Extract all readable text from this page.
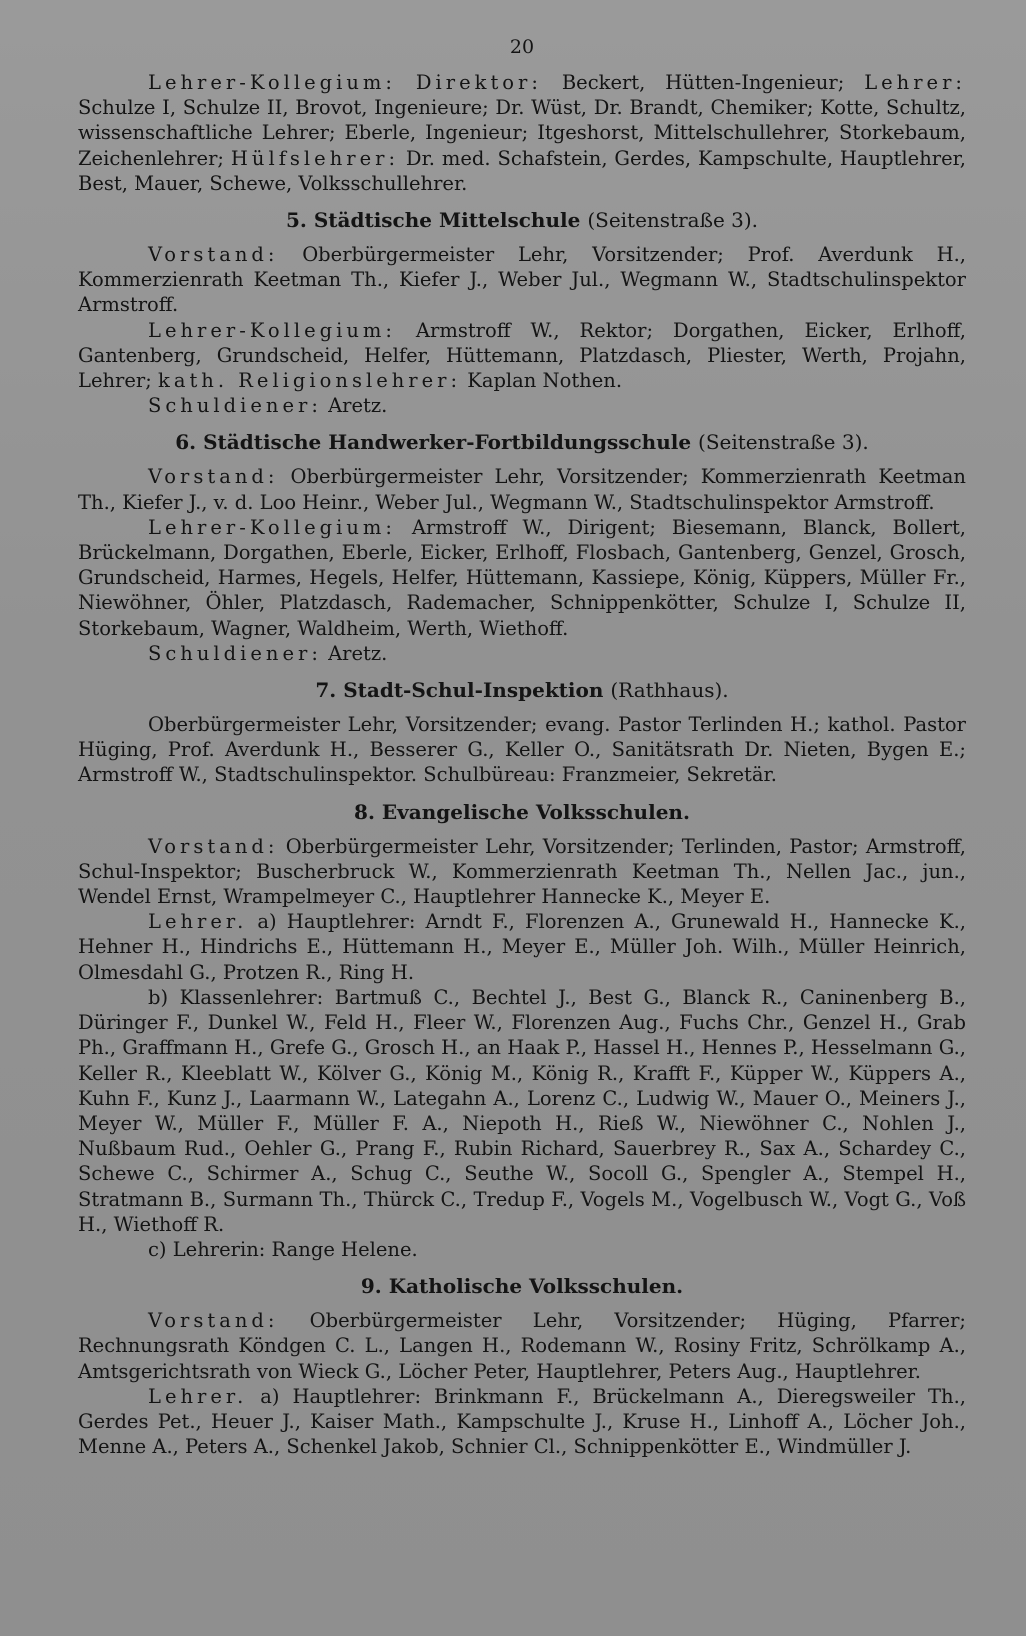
20

Lehrer-Kollegium: Direktor: Beckert, Hütten-Ingenieur; Lehrer: Schulze I, Schulze II, Brovot, Ingenieure; Dr. Wüst, Dr. Brandt, Chemiker; Kotte, Schultz, wissenschaftliche Lehrer; Eberle, Ingenieur; Itgeshorst, Mittelschullehrer, Storkebaum, Zeichenlehrer; Hülfslehrer: Dr. med. Schafstein, Gerdes, Kampschulte, Hauptlehrer, Best, Mauer, Schewe, Volksschullehrer.

5. Städtische Mittelschule (Seitenstraße 3).

Vorstand: Oberbürgermeister Lehr, Vorsitzender; Prof. Averdunk H., Kommerzienrath Keetman Th., Kiefer J., Weber Jul., Wegmann W., Stadtschulinspektor Armstroff.

Lehrer-Kollegium: Armstroff W., Rektor; Dorgathen, Eicker, Erlhoff, Gantenberg, Grundscheid, Helfer, Hüttemann, Platzdasch, Pliester, Werth, Projahn, Lehrer; kath. Religionslehrer: Kaplan Nothen.

Schuldiener: Aretz.

6. Städtische Handwerker-Fortbildungsschule (Seitenstraße 3).

Vorstand: Oberbürgermeister Lehr, Vorsitzender; Kommerzienrath Keetman Th., Kiefer J., v. d. Loo Heinr., Weber Jul., Wegmann W., Stadtschulinspektor Armstroff.

Lehrer-Kollegium: Armstroff W., Dirigent; Biesemann, Blanck, Bollert, Brückelmann, Dorgathen, Eberle, Eicker, Erlhoff, Flosbach, Gantenberg, Genzel, Grosch, Grundscheid, Harmes, Hegels, Helfer, Hüttemann, Kassiepe, König, Küppers, Müller Fr., Niewöhner, Öhler, Platzdasch, Rademacher, Schnippenkötter, Schulze I, Schulze II, Storkebaum, Wagner, Waldheim, Werth, Wiethoff.

Schuldiener: Aretz.

7. Stadt-Schul-Inspektion (Rathhaus).

Oberbürgermeister Lehr, Vorsitzender; evang. Pastor Terlinden H.; kathol. Pastor Hüging, Prof. Averdunk H., Besserer G., Keller O., Sanitätsrath Dr. Nieten, Bygen E.; Armstroff W., Stadtschulinspektor. Schulbüreau: Franzmeier, Sekretär.

8. Evangelische Volksschulen.

Vorstand: Oberbürgermeister Lehr, Vorsitzender; Terlinden, Pastor; Armstroff, Schul-Inspektor; Buscherbruck W., Kommerzienrath Keetman Th., Nellen Jac., jun., Wendel Ernst, Wrampelmeyer C., Hauptlehrer Hannecke K., Meyer E.

Lehrer. a) Hauptlehrer: Arndt F., Florenzen A., Grunewald H., Hannecke K., Hehner H., Hindrichs E., Hüttemann H., Meyer E., Müller Joh. Wilh., Müller Heinrich, Olmesdahl G., Protzen R., Ring H.

b) Klassenlehrer: Bartmuß C., Bechtel J., Best G., Blanck R., Caninenberg B., Düringer F., Dunkel W., Feld H., Fleer W., Florenzen Aug., Fuchs Chr., Genzel H., Grab Ph., Graffmann H., Grefe G., Grosch H., an Haak P., Hassel H., Hennes P., Hesselmann G., Keller R., Kleeblatt W., Kölver G., König M., König R., Krafft F., Küpper W., Küppers A., Kuhn F., Kunz J., Laarmann W., Lategahn A., Lorenz C., Ludwig W., Mauer O., Meiners J., Meyer W., Müller F., Müller F. A., Niepoth H., Rieß W., Niewöhner C., Nohlen J., Nußbaum Rud., Oehler G., Prang F., Rubin Richard, Sauerbrey R., Sax A., Schardey C., Schewe C., Schirmer A., Schug C., Seuthe W., Socoll G., Spengler A., Stempel H., Stratmann B., Surmann Th., Thürck C., Tredup F., Vogels M., Vogelbusch W., Vogt G., Voß H., Wiethoff R.

c) Lehrerin: Range Helene.

9. Katholische Volksschulen.

Vorstand: Oberbürgermeister Lehr, Vorsitzender; Hüging, Pfarrer; Rechnungsrath Köndgen C. L., Langen H., Rodemann W., Rosiny Fritz, Schrölkamp A., Amtsgerichtsrath von Wieck G., Löcher Peter, Hauptlehrer, Peters Aug., Hauptlehrer.

Lehrer. a) Hauptlehrer: Brinkmann F., Brückelmann A., Dieregsweiler Th., Gerdes Pet., Heuer J., Kaiser Math., Kampschulte J., Kruse H., Linhoff A., Löcher Joh., Menne A., Peters A., Schenkel Jakob, Schnier Cl., Schnippenkötter E., Windmüller J.
